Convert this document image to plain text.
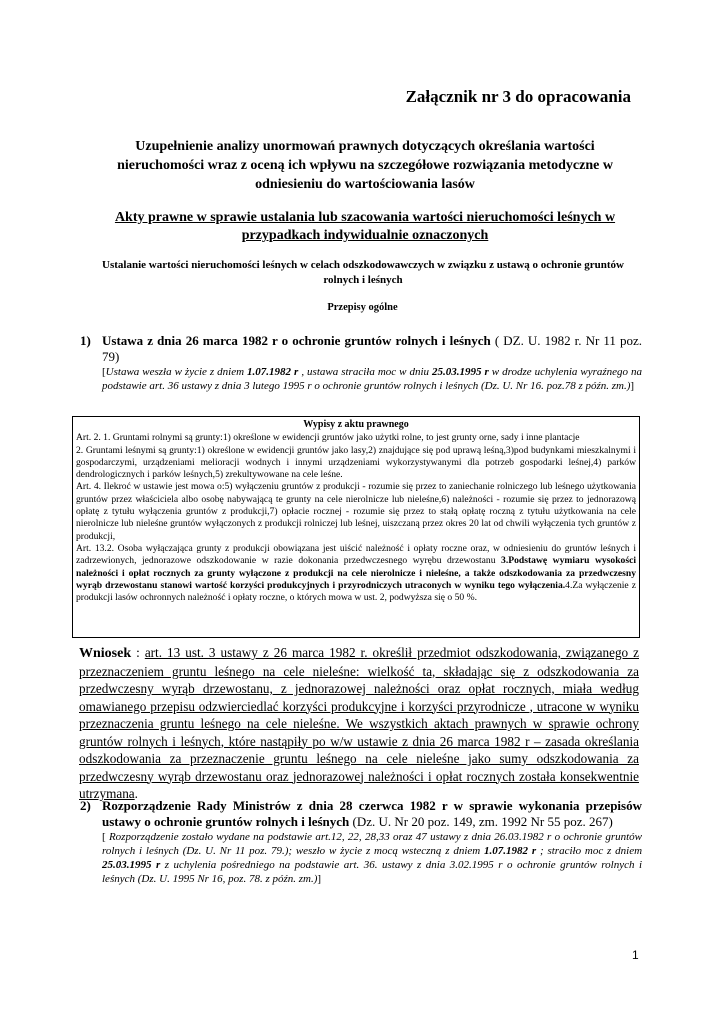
Załącznik nr 3 do opracowania
Uzupełnienie analizy unormowań prawnych dotyczących określania wartości nieruchomości wraz z oceną ich wpływu na szczegółowe rozwiązania metodyczne w odniesieniu do wartościowania lasów
Akty prawne w sprawie ustalania lub szacowania wartości nieruchomości leśnych w przypadkach indywidualnie oznaczonych
Ustalanie wartości nieruchomości leśnych w celach odszkodowawczych w związku z ustawą o ochronie gruntów rolnych i leśnych
Przepisy ogólne
1) Ustawa z dnia 26 marca 1982 r o ochronie gruntów rolnych i leśnych ( DZ. U. 1982 r. Nr 11 poz. 79)
[Ustawa weszła w życie z dniem 1.07.1982 r , ustawa straciła moc w dniu 25.03.1995 r w drodze uchylenia wyraźnego na podstawie art. 36 ustawy z dnia 3 lutego 1995 r o ochronie gruntów rolnych i leśnych (Dz. U. Nr 16. poz.78 z późn. zm.)]
Wypisy z aktu prawnego
Art. 2. 1. Gruntami rolnymi są grunty:1) określone w ewidencji gruntów jako użytki rolne, to jest grunty orne, sady i inne plantacje
2. Gruntami leśnymi są grunty:1) określone w ewidencji gruntów jako lasy,2) znajdujące się pod uprawą leśną,3)pod budynkami mieszkalnymi i gospodarczymi, urządzeniami melioracji wodnych i innymi urządzeniami wykorzystywanymi dla potrzeb gospodarki leśnej,4) parków dendrologicznych i parków leśnych,5) zrekultywowane na cele leśne.
Art. 4. Ilekroć w ustawie jest mowa o:5) wyłączeniu gruntów z produkcji - rozumie się przez to zaniechanie rolniczego lub leśnego użytkowania gruntów przez właściciela albo osobę nabywającą te grunty na cele nierolnicze lub nieleśne,6) należności - rozumie się przez to jednorazową opłatę z tytułu wyłączenia gruntów z produkcji,7) opłacie rocznej - rozumie się przez to stałą opłatę roczną z tytułu użytkowania na cele nierolnicze lub nieleśne gruntów wyłączonych z produkcji rolniczej lub leśnej, uiszczaną przez okres 20 lat od chwili wyłączenia tych gruntów z produkcji,
Art. 13.2. Osoba wyłączająca grunty z produkcji obowiązana jest uiścić należność i opłaty roczne oraz, w odniesieniu do gruntów leśnych i zadrzewionych, jednorazowe odszkodowanie w razie dokonania przedwczesnego wyrębu drzewostanu 3.Podstawę wymiaru wysokości należności i opłat rocznych za grunty wyłączone z produkcji na cele nierolnicze i nieleśne, a także odszkodowania za przedwczesny wyrąb drzewostanu stanowi wartość korzyści produkcyjnych i przyrodniczych utraconych w wyniku tego wyłączenia.4.Za wyłączenie z produkcji lasów ochronnych należność i opłaty roczne, o których mowa w ust. 2, podwyższa się o 50 %.
Wniosek : art. 13 ust. 3 ustawy z 26 marca 1982 r. określił przedmiot odszkodowania, związanego z przeznaczeniem gruntu leśnego na cele nieleśne: wielkość ta, składając się z odszkodowania za przedwczesny wyrąb drzewostanu, z jednorazowej należności oraz opłat rocznych, miała według omawianego przepisu odzwierciedlać korzyści produkcyjne i korzyści przyrodnicze , utracone w wyniku przeznaczenia gruntu leśnego na cele nieleśne. We wszystkich aktach prawnych w sprawie ochrony gruntów rolnych i leśnych, które nastąpiły po w/w ustawie z dnia 26 marca 1982 r – zasada określania odszkodowania za przeznaczenie gruntu leśnego na cele nieleśne jako sumy odszkodowania za przedwczesny wyrąb drzewostanu oraz jednorazowej należności i opłat rocznych została konsekwentnie utrzymana.
2) Rozporządzenie Rady Ministrów z dnia 28 czerwca 1982 r w sprawie wykonania przepisów ustawy o ochronie gruntów rolnych i leśnych (Dz. U. Nr 20 poz. 149, zm. 1992 Nr 55 poz. 267)
[ Rozporządzenie zostało wydane na podstawie art.12, 22, 28,33 oraz 47 ustawy z dnia 26.03.1982 r o ochronie gruntów rolnych i leśnych (Dz. U. Nr 11 poz. 79.); weszło w życie z mocą wsteczną z dniem 1.07.1982 r ; straciło moc z dniem 25.03.1995 r z uchylenia pośredniego na podstawie art. 36. ustawy z dnia 3.02.1995 r o ochronie gruntów rolnych i leśnych (Dz. U. 1995 Nr 16, poz. 78. z późn. zm.)]
1
